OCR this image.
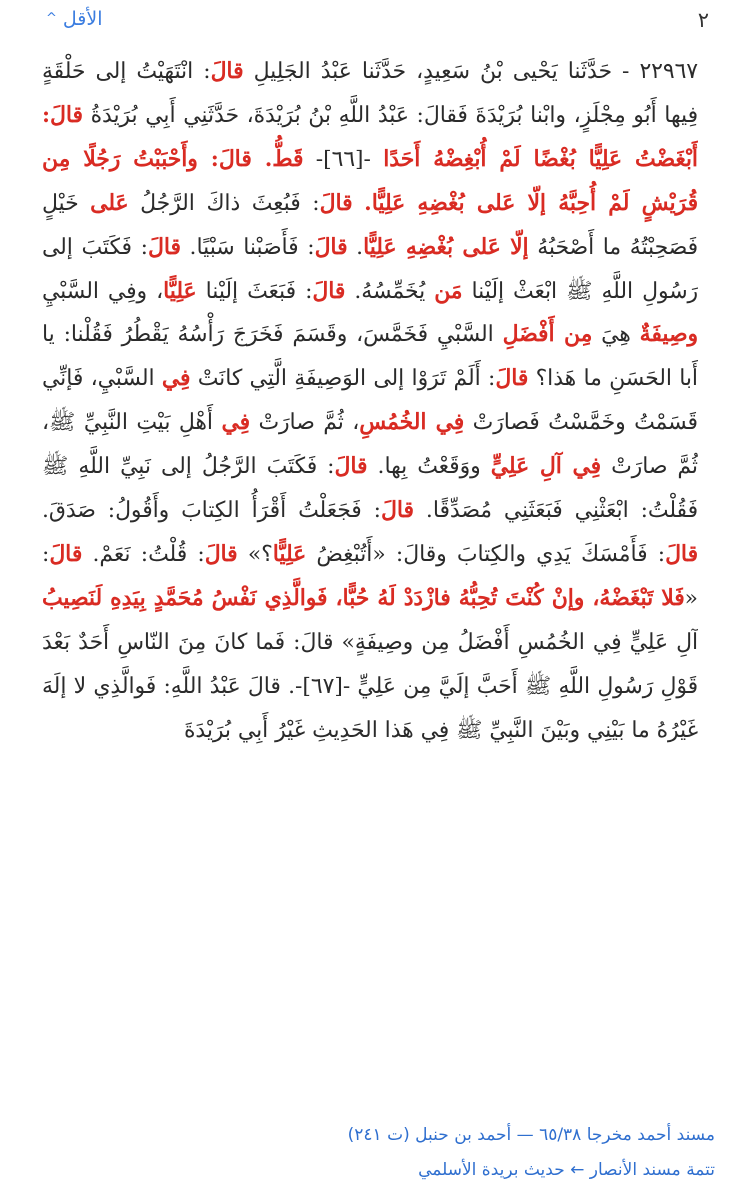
الأقل^	٢
٢٢٩٦٧ - حَدَّثَنا يَحْيى بْنُ سَعِيدٍ، حَدَّثَنا عَبْدُ الجَلِيلِ قالَ: انْتَهَيْتُ إلى حَلْقَةٍ فِيها أَبُو مِجْلَزٍ، وابْنا بُرَيْدَةَ فَقالَ: عَبْدُ اللَّهِ بْنُ بُرَيْدَةَ، حَدَّثَنِي أَبِي بُرَيْدَةُ قالَ: أَبْغَضْتُ عَلِيًّا بُغْضًا لَمْ أُبْغِضْهُ أَحَدًا -[٦٦]- قَطُّ. قالَ: وأَحْبَبْتُ رَجُلًا مِن قُرَيْشٍ لَمْ أُحِبَّهُ إلّا عَلى بُغْضِهِ عَلِيًّا. قالَ: فَبُعِثَ ذاكَ الرَّجُلُ عَلى خَيْلٍ فَصَحِبْتُهُ ما أَصْحَبُهُ إلّا عَلى بُغْضِهِ عَلِيًّا. قالَ: فَأَصَبْنا سَبْيًا. قالَ: فَكَتَبَ إلى رَسُولِ اللَّهِ ﷺ ابْعَثْ إلَيْنا مَن يُخَمِّسُهُ. قالَ: فَبَعَثَ إلَيْنا عَلِيًّا، وفِي السَّبْيِ وصِيفَةٌ هِيَ مِن أَفْضَلِ السَّبْيِ فَخَمَّسَ، وقَسَمَ فَخَرَجَ رَأْسُهُ يَقْطُرُ فَقُلْنا: يا أَبا الحَسَنِ ما هَذا؟ قالَ: أَلَمْ تَرَوْا إلى الوَصِيفَةِ الَّتِي كانَتْ فِي السَّبْيِ، فَإنِّي قَسَمْتُ وخَمَّسْتُ فَصارَتْ فِي الخُمُسِ، ثُمَّ صارَتْ فِي أَهْلِ بَيْتِ النَّبِيِّ ﷺ، ثُمَّ صارَتْ فِي آلِ عَلِيٍّ ووَقَعْتُ بِها. قالَ: فَكَتَبَ الرَّجُلُ إلى نَبِيِّ اللَّهِ ﷺ فَقُلْتُ: ابْعَثْنِي فَبَعَثَنِي مُصَدِّقًا. قالَ: فَجَعَلْتُ أَقْرَأُ الكِتابَ وأَقُولُ: صَدَقَ. قالَ: فَأَمْسَكَ يَدِي والكِتابَ وقالَ: «أَتُبْغِضُ عَلِيًّا؟» قالَ: قُلْتُ: نَعَمْ. قالَ: «فَلا تَبْغَضْهُ، وإنْ كُنْتَ تُحِبُّهُ فازْدَدْ لَهُ حُبًّا، فَوالَّذِي نَفْسُ مُحَمَّدٍ بِيَدِهِ لَنَصِيبُ آلِ عَلِيٍّ فِي الخُمُسِ أَفْضَلُ مِن وصِيفَةٍ» قالَ: فَما كانَ مِنَ النّاسِ أَحَدٌ بَعْدَ قَوْلِ رَسُولِ اللَّهِ ﷺ أَحَبَّ إلَيَّ مِن عَلِيٍّ -[٦٧]-. قالَ عَبْدُ اللَّهِ: فَوالَّذِي لا إلَهَ غَيْرُهُ ما بَيْنِي وبَيْنَ النَّبِيِّ ﷺ فِي هَذا الحَدِيثِ غَيْرُ أَبِي بُرَيْدَةَ
مسند أحمد مخرجا ٦٥/٣٨ — أحمد بن حنبل (ت ٢٤١)
تتمة مسند الأنصار ← حديث بريدة الأسلمي
